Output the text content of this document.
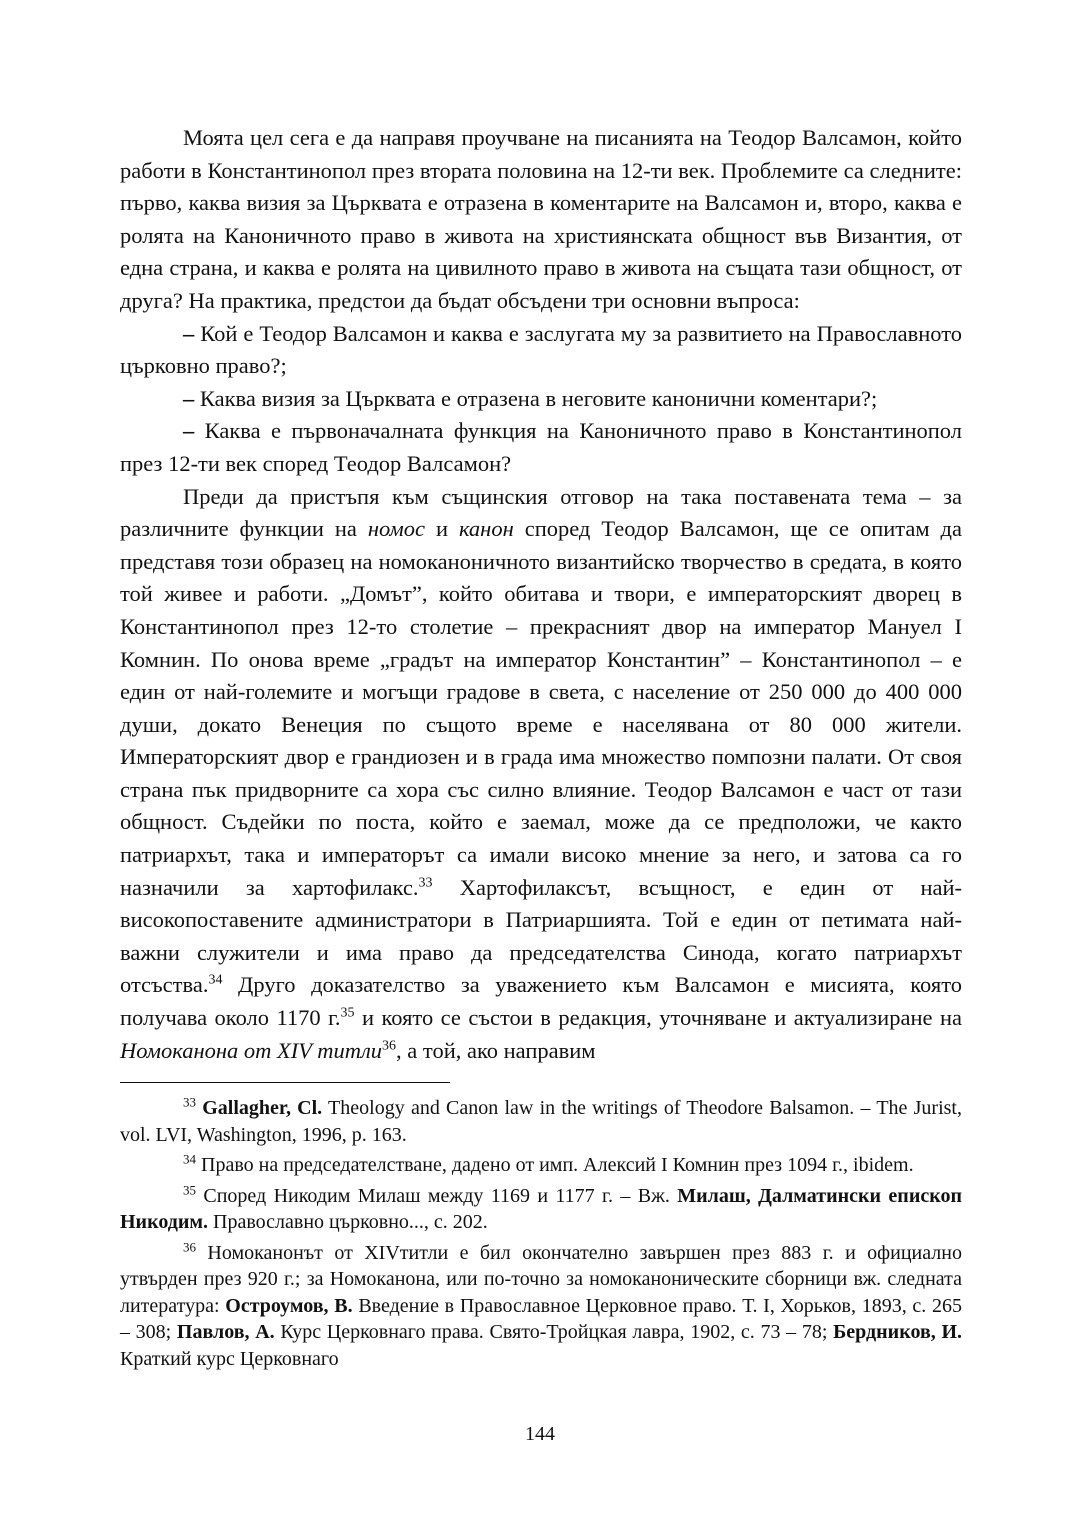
Моята цел сега е да направя проучване на писанията на Теодор Валсамон, който работи в Константинопол през втората половина на 12-ти век. Проблемите са следните: първо, каква визия за Църквата е отразена в коментарите на Валсамон и, второ, каква е ролята на Каноничното право в живота на християнската общност във Византия, от една страна, и каква е ролята на цивилното право в живота на същата тази общност, от друга? На практика, предстои да бъдат обсъдени три основни въпроса:

– Кой е Теодор Валсамон и каква е заслугата му за развитието на Православното църковно право?;

– Каква визия за Църквата е отразена в неговите канонични коментари?;

– Каква е първоначалната функция на Каноничното право в Константинопол през 12-ти век според Теодор Валсамон?

Преди да пристъпя към същинския отговор на така поставената тема – за различните функции на номос и канон според Теодор Валсамон, ще се опитам да представя този образец на номоканоничното византийско творчество в средата, в която той живее и работи. „Домът”, който обитава и твори, е императорският дворец в Константинопол през 12-то столетие – прекрасният двор на император Мануел I Комнин. По онова време „градът на император Константин” – Константинопол – е един от най-големите и могъщи градове в света, с население от 250 000 до 400 000 души, докато Венеция по същото време е населявана от 80 000 жители. Императорският двор е грандиозен и в града има множество помпозни палати. От своя страна пък придворните са хора със силно влияние. Теодор Валсамон е част от тази общност. Съдейки по поста, който е заемал, може да се предположи, че както патриархът, така и императорът са имали високо мнение за него, и затова са го назначили за хартофилакс.$^{33}$ Хартофилаксът, всъщност, е един от най-високопоставените администратори в Патриаршията. Той е един от петимата най-важни служители и има право да председателства Синода, когато патриархът отсъства.$^{34}$ Друго доказателство за уважението към Валсамон е мисията, която получава около 1170 г.$^{35}$ и която се състои в редакция, уточняване и актуализиране на Номоканона от XIV титли$^{36}$, а той, ако направим

$^{33}$ Gallagher, Cl. Theology and Canon law in the writings of Theodore Balsamon. – The Jurist, vol. LVI, Washington, 1996, p. 163.

$^{34}$ Право на председателстване, дадено от имп. Алексий I Комнин през 1094 г., ibidem.

$^{35}$ Според Никодим Милаш между 1169 и 1177 г. – Вж. Милаш, Далматински епископ Никодим. Православно църковно..., с. 202.

$^{36}$ Номоканонът от XIVтитли е бил окончателно завършен през 883 г. и официално утвърден през 920 г.; за Номоканона, или по-точно за номоканоническите сборници вж. следната литература: Остроумов, В. Введение в Православное Церковное право. Т. I, Хорьков, 1893, с. 265 – 308; Павлов, А. Курс Церковнаго права. Свято-Тройцкая лавра, 1902, с. 73 – 78; Бердников, И. Краткий курс Церковнаго

144
